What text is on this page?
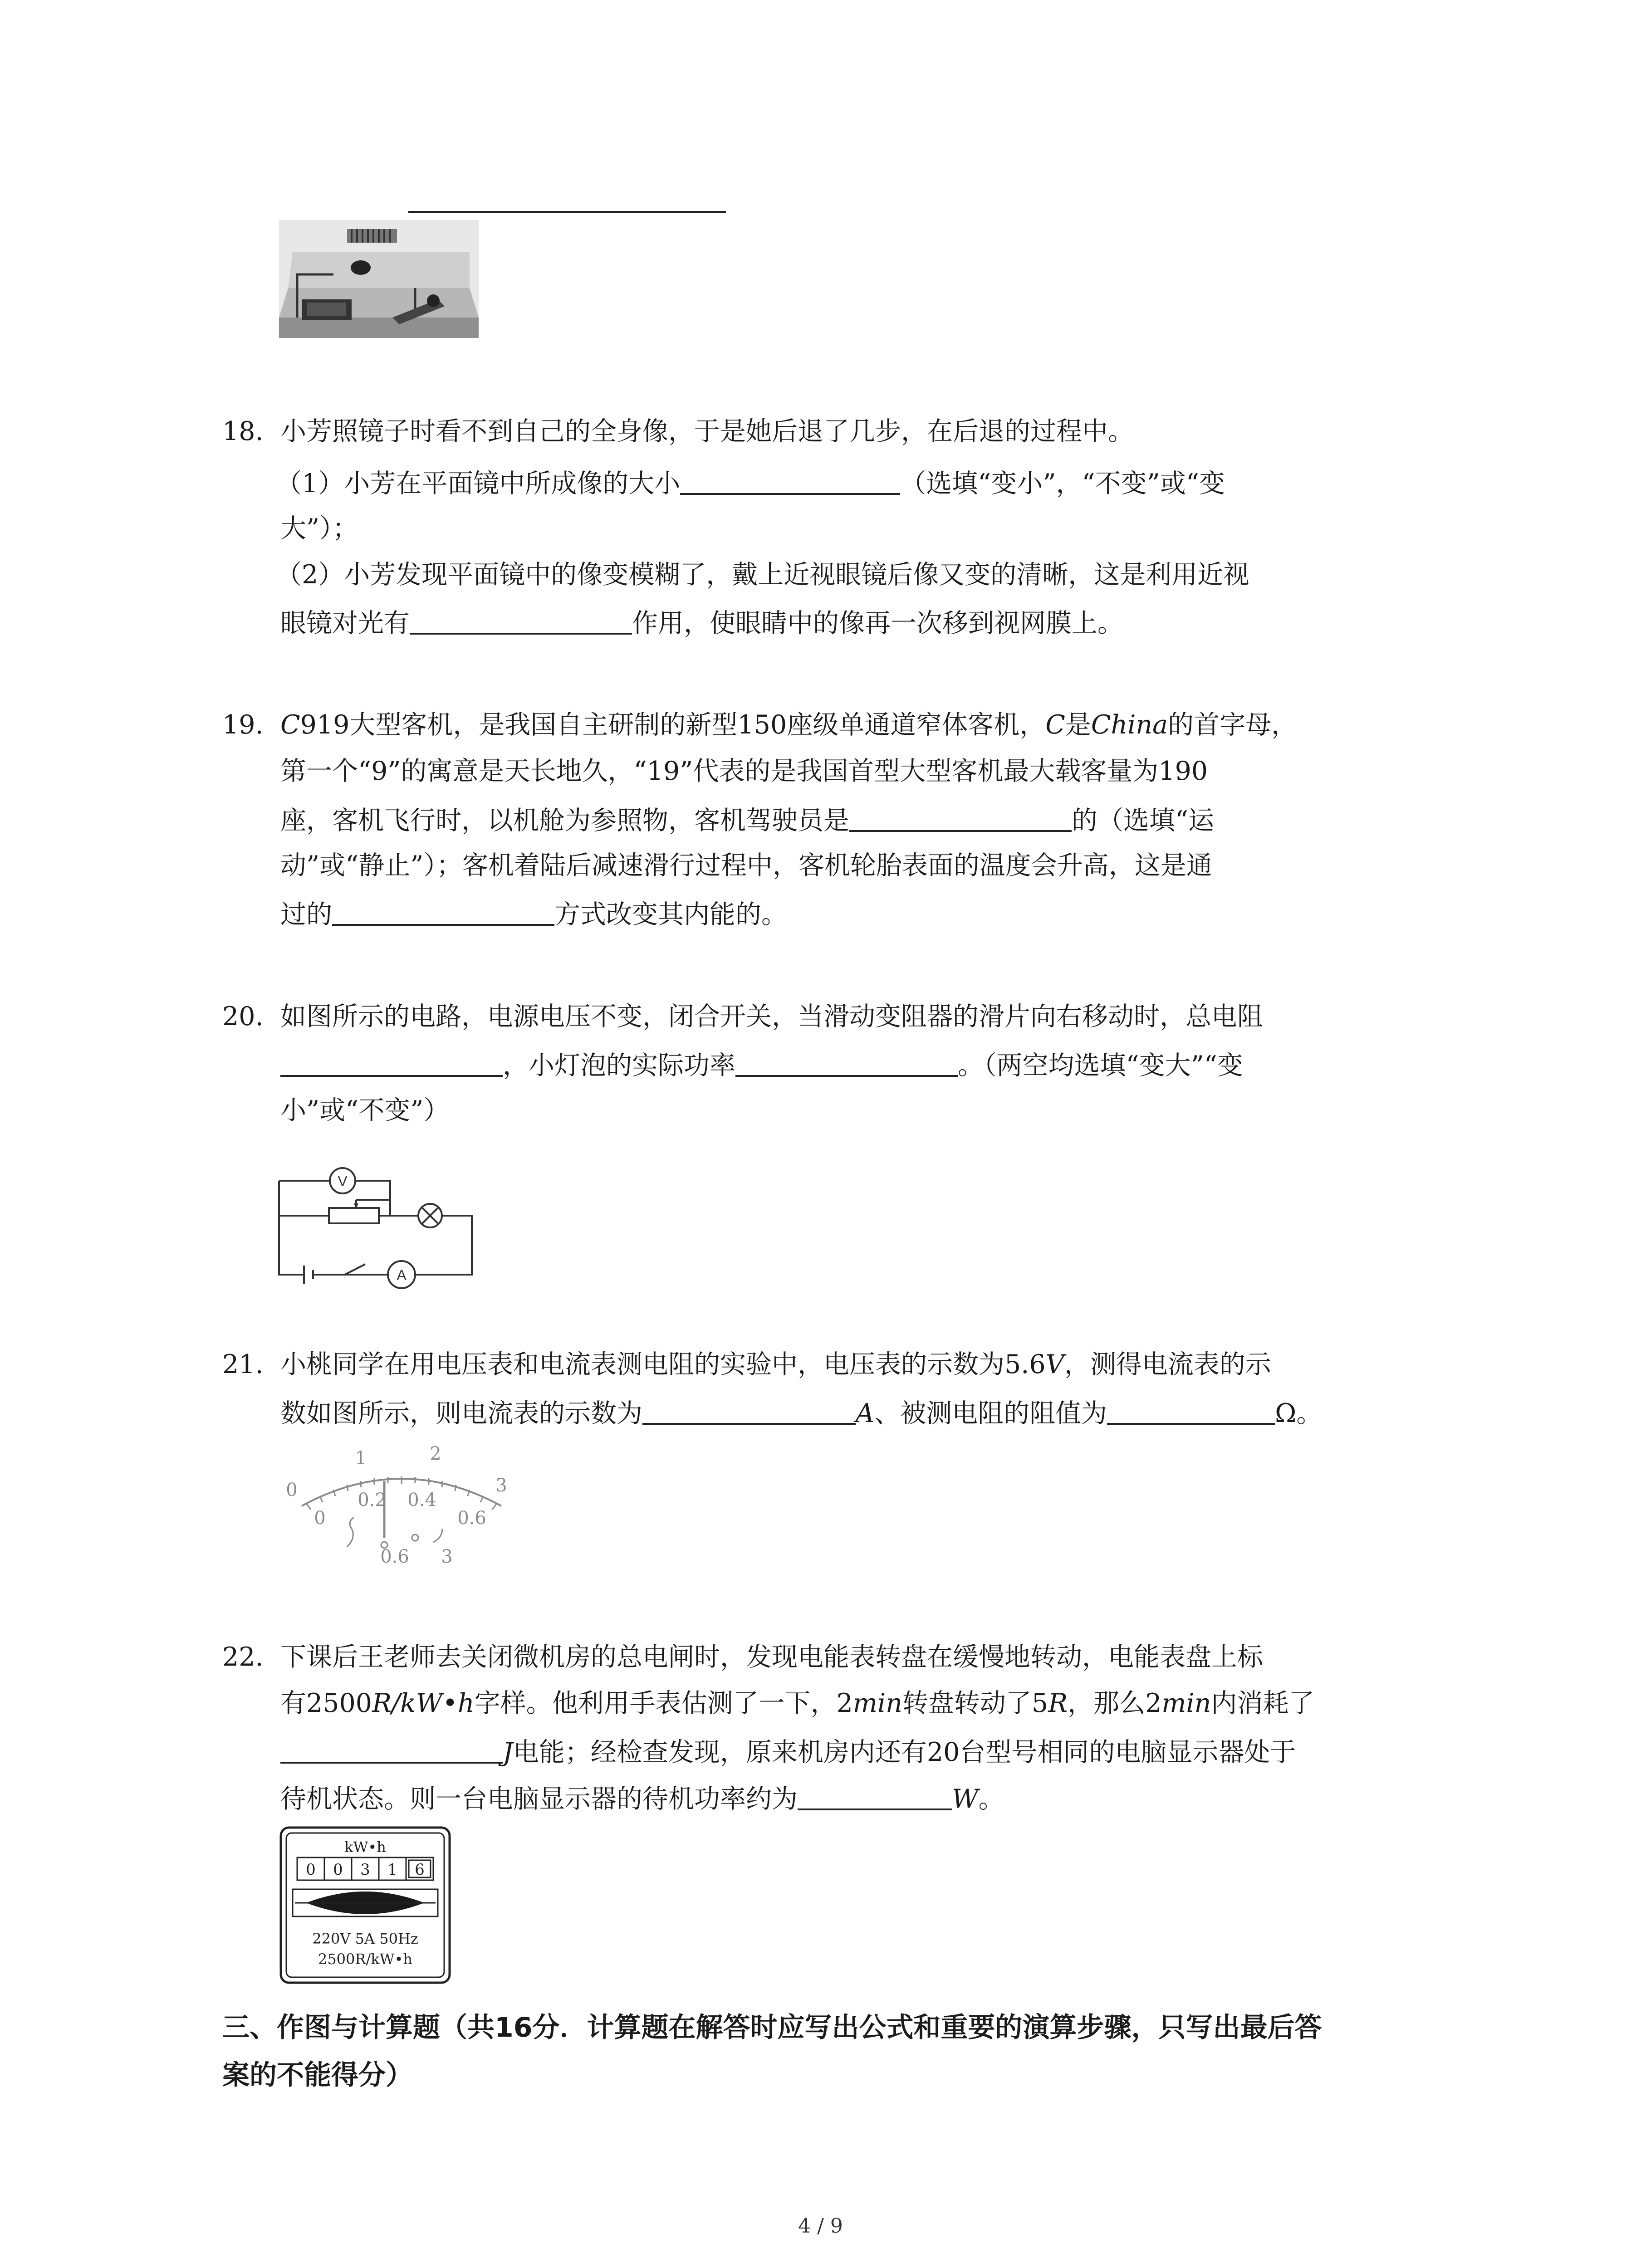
18. 小芳照镜子时看不到自己的全身像，于是她后退了几步，在后退的过程中。
（1）小芳在平面镜中所成像的大小	（选填“变小”，“不变”或“变
大”）；
（2）小芳发现平面镜中的像变模糊了，戴上近视眼镜后像又变的清晰，这是利用近视
眼镜对光有	作用，使眼睛中的像再一次移到视网膜上。
19. C919大型客机，是我国自主研制的新型150座级单通道窄体客机，C是China的首字母，
第一个“9”的寓意是天长地久，“19”代表的是我国首型大型客机最大载客量为190
座，客机飞行时，以机舱为参照物，客机驾驶员是	的（选填“运
动”或“静止”）；客机着陆后减速滑行过程中，客机轮胎表面的温度会升高，这是通
过的	方式改变其内能的。
20. 如图所示的电路，电源电压不变，闭合开关，当滑动变阻器的滑片向右移动时，总电阻
，小灯泡的实际功率	。（两空均选填“变大”“变
小”或“不变”）
V
A
21. 小桃同学在用电压表和电流表测电阻的实验中，电压表的示数为5.6V，测得电流表的示
数如图所示，则电流表的示数为	A、被测电阻的阻值为	Ω。
0
1	2
3
0
0.2 0.4
0.6
0.6 3
22. 下课后王老师去关闭微机房的总电闸时，发现电能表转盘在缓慢地转动，电能表盘上标
有2500R/kW•h字样。他利用手表估测了一下，2min转盘转动了5R，那么2min内消耗了
J电能；经检查发现，原来机房内还有20台型号相同的电脑显示器处于
待机状态。则一台电脑显示器的待机功率约为	W。
kW•h
0 0 3 1 6
220V 5A 50Hz
2500R/kW•h
三、作图与计算题（共16分．计算题在解答时应写出公式和重要的演算步骤，只写出最后答
案的不能得分）
4 / 9
